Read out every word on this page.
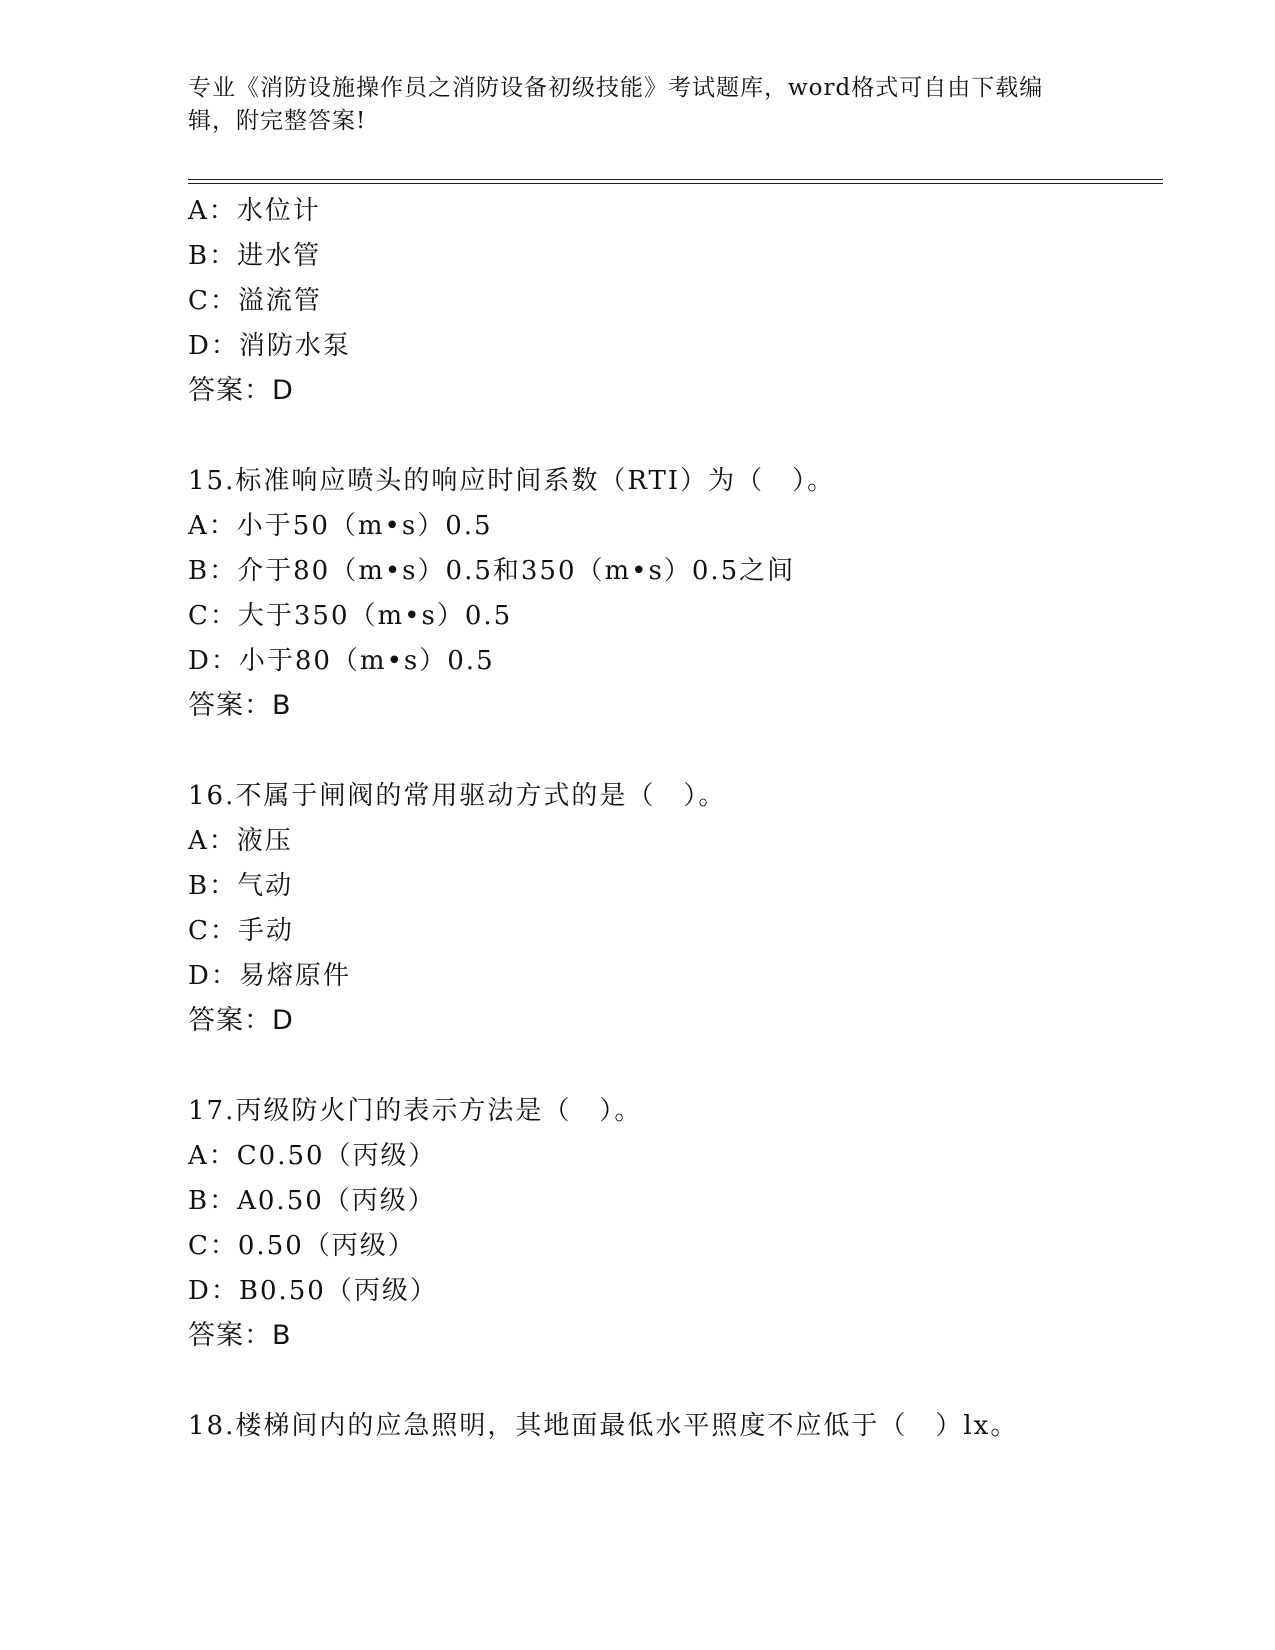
专业《消防设施操作员之消防设备初级技能》考试题库，word格式可自由下载编
辑，附完整答案!
A：水位计
B：进水管
C：溢流管
D：消防水泵
答案：D
15.标准响应喷头的响应时间系数（RTI）为（　）。
A：小于50（m•s）0.5
B：介于80（m•s）0.5和350（m•s）0.5之间
C：大于350（m•s）0.5
D：小于80（m•s）0.5
答案：B
16.不属于闸阀的常用驱动方式的是（　）。
A：液压
B：气动
C：手动
D：易熔原件
答案：D
17.丙级防火门的表示方法是（　）。
A：C0.50（丙级）
B：A0.50（丙级）
C：0.50（丙级）
D：B0.50（丙级）
答案：B
18.楼梯间内的应急照明，其地面最低水平照度不应低于（　）lx。
